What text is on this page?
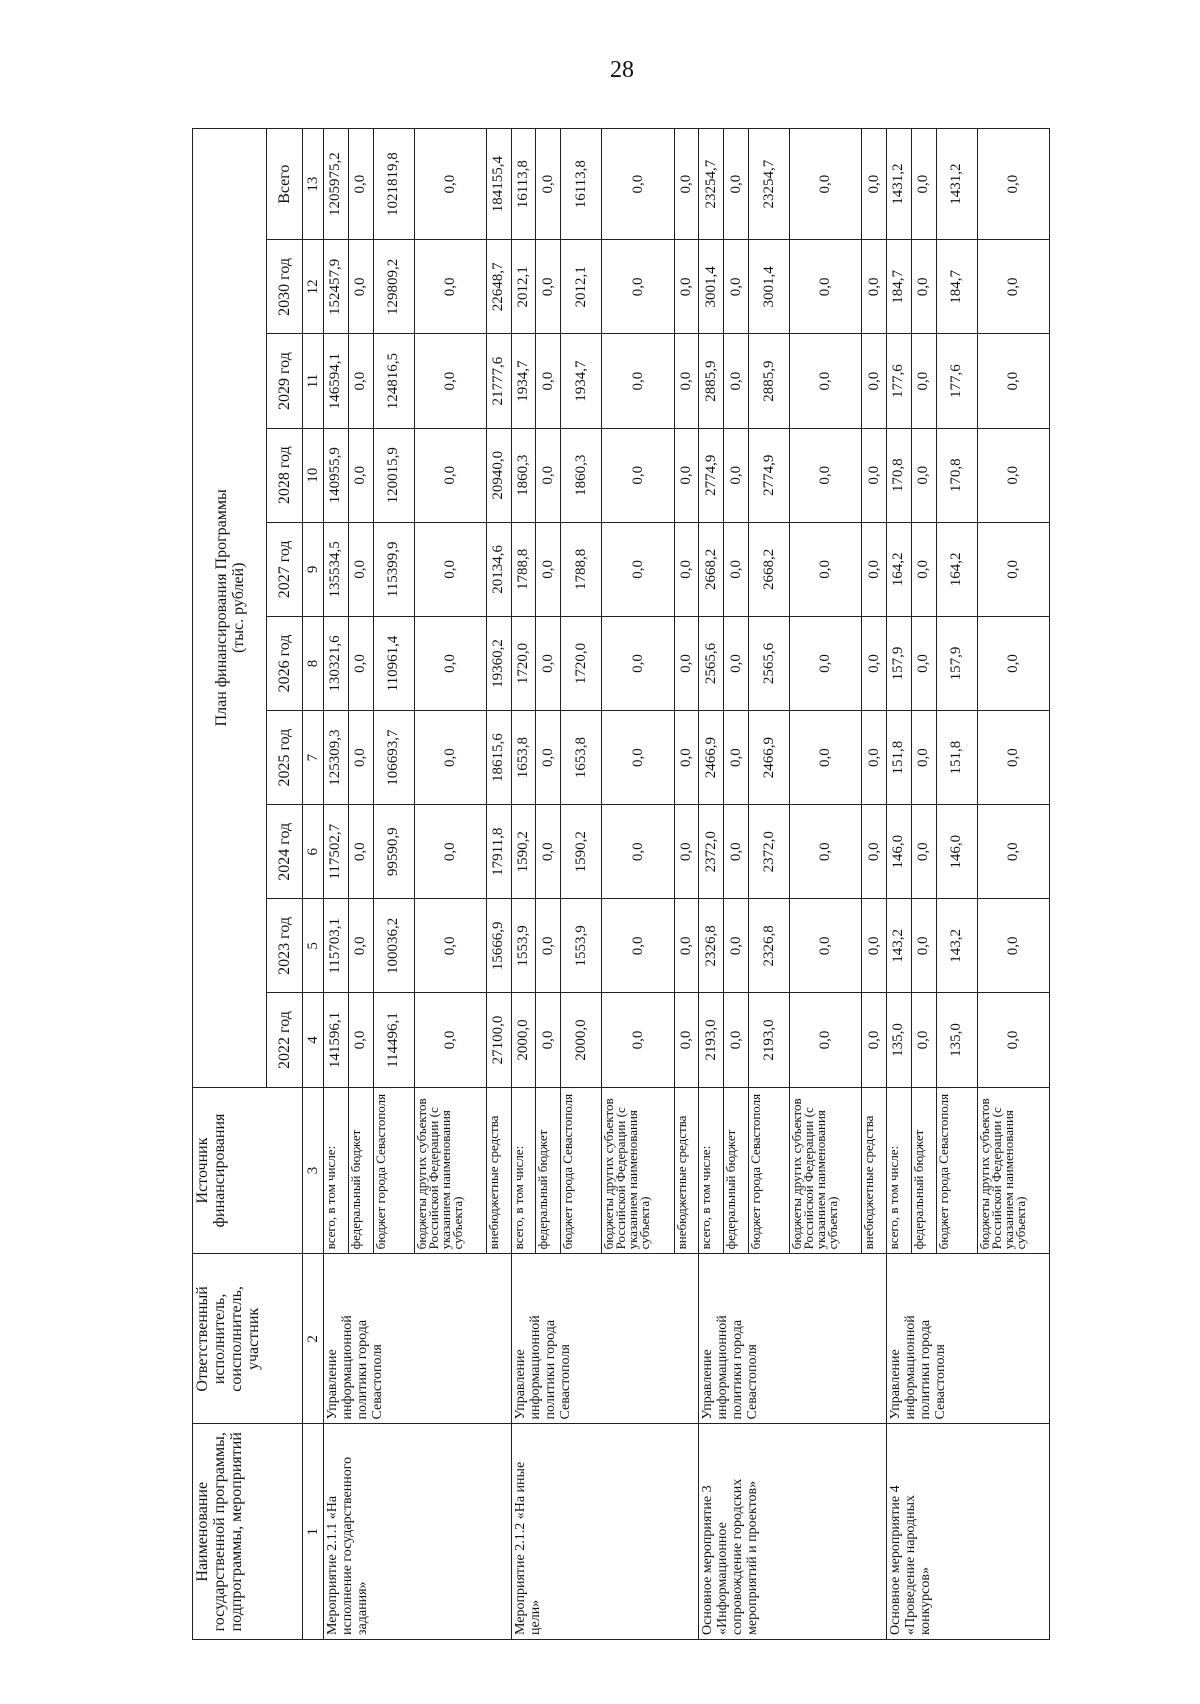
28
Наименование государственной программы, подпрограммы, мероприятий	Ответственный исполнитель, соисполнитель, участник	Источник финансирования	План финансирования Программы (тыс. рублей)									

			2022 год	2023 год	2024 год	2025 год	2026 год	2027 год	2028 год	2029 год	2030 год	Всего
1	2	3	4	5	6	7	8	9	10	11	12	13
Мероприятие 2.1.1 «На исполнение государственного задания»	Управление информационной политики города Севастополя	всего, в том числе:	141596,1	115703,1	117502,7	125309,3	130321,6	135534,5	140955,9	146594,1	152457,9	1205975,2
		федеральный бюджет	0,0	0,0	0,0	0,0	0,0	0,0	0,0	0,0	0,0	0,0
		бюджет города Севастополя	114496,1	100036,2	99590,9	106693,7	110961,4	115399,9	120015,9	124816,5	129809,2	1021819,8
		бюджеты других субъектов Российской Федерации (с указанием наименования субъекта)	0,0	0,0	0,0	0,0	0,0	0,0	0,0	0,0	0,0	0,0
		внебюджетные средства	27100,0	15666,9	17911,8	18615,6	19360,2	20134,6	20940,0	21777,6	22648,7	184155,4
Мероприятие 2.1.2 «На иные цели»	Управление информационной политики города Севастополя	всего, в том числе:	2000,0	1553,9	1590,2	1653,8	1720,0	1788,8	1860,3	1934,7	2012,1	16113,8
		федеральный бюджет	0,0	0,0	0,0	0,0	0,0	0,0	0,0	0,0	0,0	0,0
		бюджет города Севастополя	2000,0	1553,9	1590,2	1653,8	1720,0	1788,8	1860,3	1934,7	2012,1	16113,8
		бюджеты других субъектов Российской Федерации (с указанием наименования субъекта)	0,0	0,0	0,0	0,0	0,0	0,0	0,0	0,0	0,0	0,0
		внебюджетные средства	0,0	0,0	0,0	0,0	0,0	0,0	0,0	0,0	0,0	0,0
Основное мероприятие 3 «Информационное сопровождение городских мероприятий и проектов»	Управление информационной политики города Севастополя	всего, в том числе:	2193,0	2326,8	2372,0	2466,9	2565,6	2668,2	2774,9	2885,9	3001,4	23254,7
		федеральный бюджет	0,0	0,0	0,0	0,0	0,0	0,0	0,0	0,0	0,0	0,0
		бюджет города Севастополя	2193,0	2326,8	2372,0	2466,9	2565,6	2668,2	2774,9	2885,9	3001,4	23254,7
		бюджеты других субъектов Российской Федерации (с указанием наименования субъекта)	0,0	0,0	0,0	0,0	0,0	0,0	0,0	0,0	0,0	0,0
		внебюджетные средства	0,0	0,0	0,0	0,0	0,0	0,0	0,0	0,0	0,0	0,0
Основное мероприятие 4 «Проведение народных конкурсов»	Управление информационной политики города Севастополя	всего, в том числе:	135,0	143,2	146,0	151,8	157,9	164,2	170,8	177,6	184,7	1431,2
		федеральный бюджет	0,0	0,0	0,0	0,0	0,0	0,0	0,0	0,0	0,0	0,0
		бюджет города Севастополя	135,0	143,2	146,0	151,8	157,9	164,2	170,8	177,6	184,7	1431,2
		бюджеты других субъектов Российской Федерации (с указанием наименования субъекта)	0,0	0,0	0,0	0,0	0,0	0,0	0,0	0,0	0,0	0,0
